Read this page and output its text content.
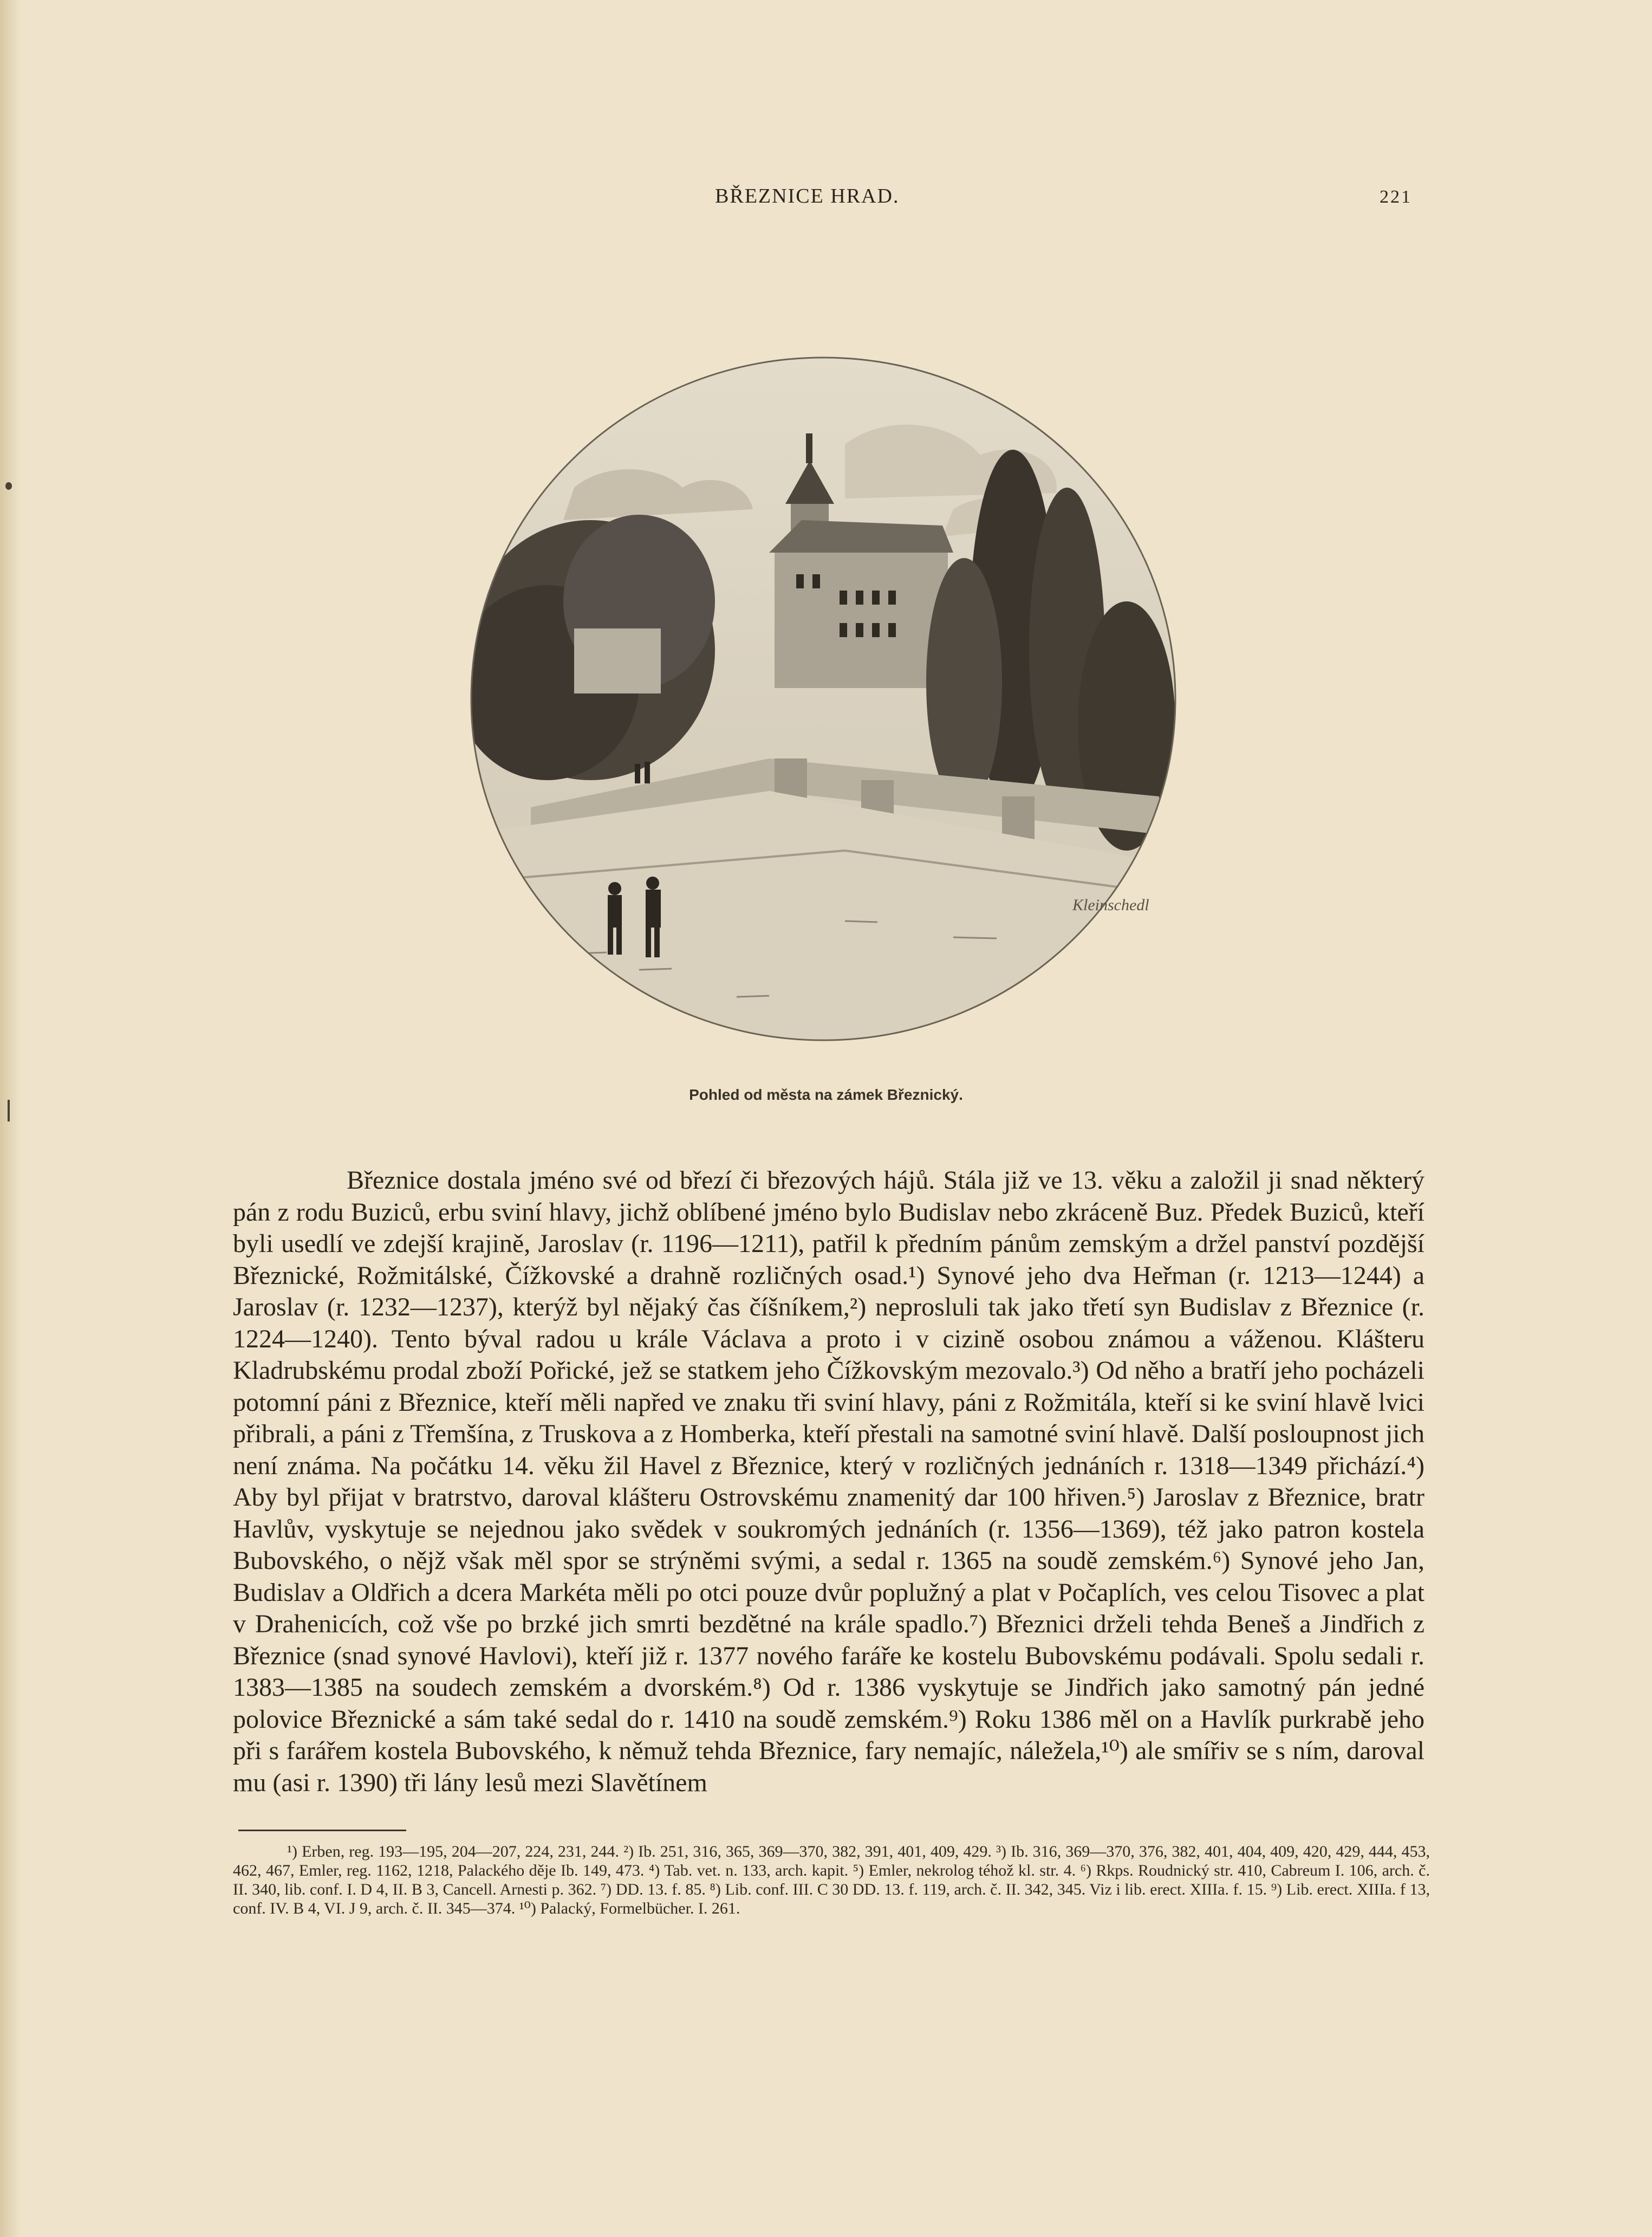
BŘEZNICE HRAD.	221
Kleinschedl
Pohled od města na zámek Březnický.

Březnice dostala jméno své od březí či březových hájů. Stála již ve 13. věku a založil ji snad některý pán z rodu Buziců, erbu sviní hlavy, jichž oblíbené jméno bylo Budislav nebo zkráceně Buz. Předek Buziců, kteří byli usedlí ve zdejší krajině, Jaroslav (r. 1196—1211), patřil k předním pánům zemským a držel panství pozdější Březnické, Rožmitálské, Čížkovské a drahně rozličných osad.¹) Synové jeho dva Heřman (r. 1213—1244) a Jaroslav (r. 1232—1237), kterýž byl nějaký čas číšníkem,²) neprosluli tak jako třetí syn Budislav z Březnice (r. 1224—1240). Tento býval radou u krále Václava a proto i v cizině osobou známou a váženou. Klášteru Kladrubskému prodal zboží Pořické, jež se statkem jeho Čížkovským mezovalo.³) Od něho a bratří jeho pocházeli potomní páni z Březnice, kteří měli napřed ve znaku tři sviní hlavy, páni z Rožmitála, kteří si ke sviní hlavě lvici přibrali, a páni z Třemšína, z Truskova a z Homberka, kteří přestali na samotné sviní hlavě. Další posloupnost jich není známa. Na počátku 14. věku žil Havel z Březnice, který v rozličných jednáních r. 1318—1349 přichází.⁴) Aby byl přijat v bratrstvo, daroval klášteru Ostrovskému znamenitý dar 100 hřiven.⁵) Jaroslav z Březnice, bratr Havlův, vyskytuje se nejednou jako svědek v soukromých jednáních (r. 1356—1369), též jako patron kostela Bubovského, o nějž však měl spor se strýněmi svými, a sedal r. 1365 na soudě zemském.⁶) Synové jeho Jan, Budislav a Oldřich a dcera Markéta měli po otci pouze dvůr poplužný a plat v Počaplích, ves celou Tisovec a plat v Drahenicích, což vše po brzké jich smrti bezdětné na krále spadlo.⁷) Březnici drželi tehda Beneš a Jindřich z Březnice (snad synové Havlovi), kteří již r. 1377 nového faráře ke kostelu Bubovskému podávali. Spolu sedali r. 1383—1385 na soudech zemském a dvorském.⁸) Od r. 1386 vyskytuje se Jindřich jako samotný pán jedné polovice Březnické a sám také sedal do r. 1410 na soudě zemském.⁹) Roku 1386 měl on a Havlík purkrabě jeho při s farářem kostela Bubovského, k němuž tehda Březnice, fary nemajíc, náležela,¹⁰) ale smířiv se s ním, daroval mu (asi r. 1390) tři lány lesů mezi Slavětínem

¹) Erben, reg. 193—195, 204—207, 224, 231, 244. ²) Ib. 251, 316, 365, 369—370, 382, 391, 401, 409, 429. ³) Ib. 316, 369—370, 376, 382, 401, 404, 409, 420, 429, 444, 453, 462, 467, Emler, reg. 1162, 1218, Palackého děje Ib. 149, 473. ⁴) Tab. vet. n. 133, arch. kapit. ⁵) Emler, nekrolog téhož kl. str. 4. ⁶) Rkps. Roudnický str. 410, Cabreum I. 106, arch. č. II. 340, lib. conf. I. D 4, II. B 3, Cancell. Arnesti p. 362. ⁷) DD. 13. f. 85. ⁸) Lib. conf. III. C 30 DD. 13. f. 119, arch. č. II. 342, 345. Viz i lib. erect. XIIIa. f. 15. ⁹) Lib. erect. XIIIa. f 13, conf. IV. B 4, VI. J 9, arch. č. II. 345—374. ¹⁰) Palacký, Formelbücher. I. 261.
